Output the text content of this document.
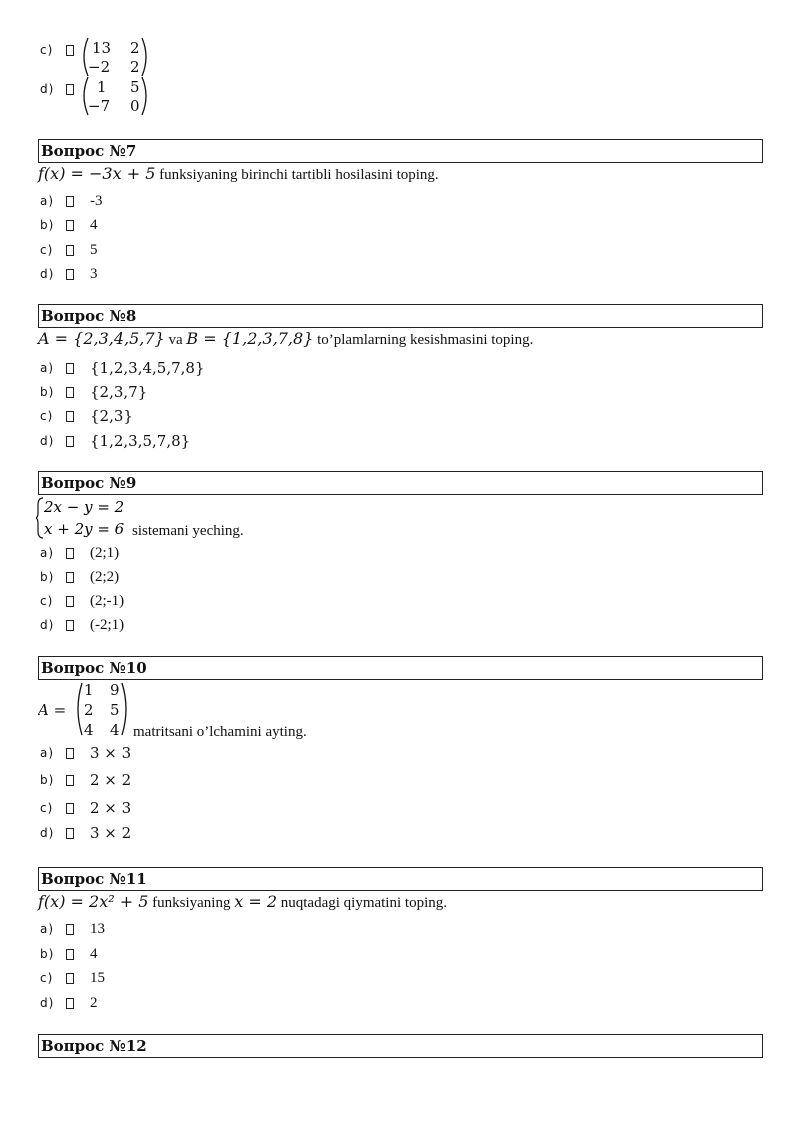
c)	13 2
−2 2
d)	1 5
−7 0
Вопрос №7
f(x) = −3x + 5 funksiyaning birinchi tartibli hosilasini toping.
a)	-3
b)	4
c)	5
d)	3
Вопрос №8
A = {2,3,4,5,7} va B = {1,2,3,7,8} to’plamlarning kesishmasini toping.
a)	{1,2,3,4,5,7,8}
b)	{2,3,7}
c)	{2,3}
d)	{1,2,3,5,7,8}
Вопрос №9
2x − y = 2
x + 2y = 6 sistemani yeching.
a)	(2;1)
b)	(2;2)
c)	(2;-1)
d)	(-2;1)
Вопрос №10
A =
1 9
2 5
4 4 matritsani o’lchamini ayting.
a)	3 × 3
b)	2 × 2
c)	2 × 3
d)	3 × 2
Вопрос №11
f(x) = 2x² + 5 funksiyaning x = 2 nuqtadagi qiymatini toping.
a)	13
b)	4
c)	15
d)	2
Вопрос №12
